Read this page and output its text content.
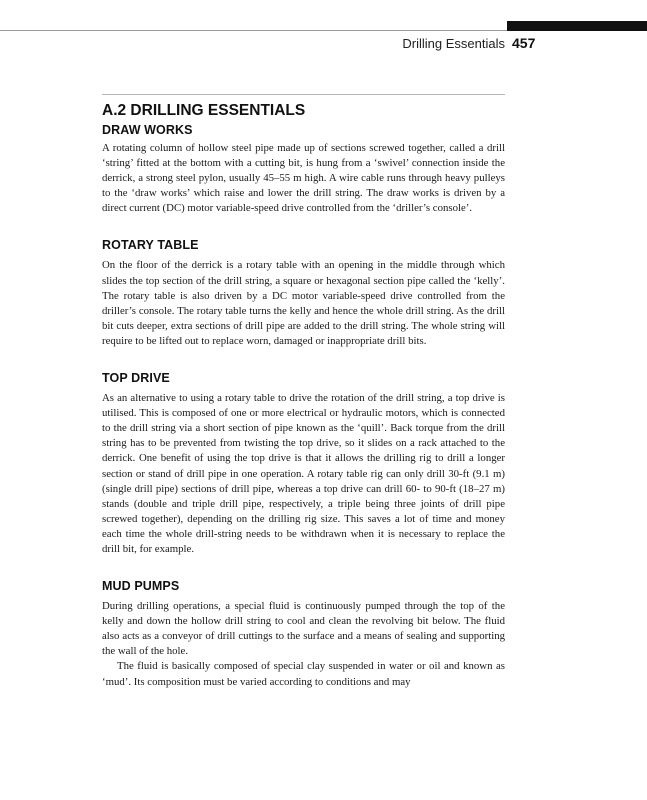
Drilling Essentials 457
A.2 DRILLING ESSENTIALS
DRAW WORKS

A rotating column of hollow steel pipe made up of sections screwed together, called a drill ‘string’ fitted at the bottom with a cutting bit, is hung from a ‘swivel’ connection inside the derrick, a strong steel pylon, usually 45–55 m high. A wire cable runs through heavy pulleys to the ‘draw works’ which raise and lower the drill string. The draw works is driven by a direct current (DC) motor variable-speed drive controlled from the ‘driller’s console’.

ROTARY TABLE

On the floor of the derrick is a rotary table with an opening in the middle through which slides the top section of the drill string, a square or hexagonal section pipe called the ‘kelly’. The rotary table is also driven by a DC motor variable-speed drive controlled from the driller’s console. The rotary table turns the kelly and hence the whole drill string. As the drill bit cuts deeper, extra sections of drill pipe are added to the drill string. The whole string will require to be lifted out to replace worn, damaged or inappropriate drill bits.

TOP DRIVE

As an alternative to using a rotary table to drive the rotation of the drill string, a top drive is utilised. This is composed of one or more electrical or hydraulic motors, which is connected to the drill string via a short section of pipe known as the ‘quill’. Back torque from the drill string has to be prevented from twisting the top drive, so it slides on a rack attached to the derrick. One benefit of using the top drive is that it allows the drilling rig to drill a longer section or stand of drill pipe in one operation. A rotary table rig can only drill 30-ft (9.1 m) (single drill pipe) sections of drill pipe, whereas a top drive can drill 60- to 90-ft (18–27 m) stands (double and triple drill pipe, respectively, a triple being three joints of drill pipe screwed together), depending on the drilling rig size. This saves a lot of time and money each time the whole drill-string needs to be withdrawn when it is necessary to replace the drill bit, for example.

MUD PUMPS

During drilling operations, a special fluid is continuously pumped through the top of the kelly and down the hollow drill string to cool and clean the revolving bit below. The fluid also acts as a conveyor of drill cuttings to the surface and a means of sealing and supporting the wall of the hole.

The fluid is basically composed of special clay suspended in water or oil and known as ‘mud’. Its composition must be varied according to conditions and may
